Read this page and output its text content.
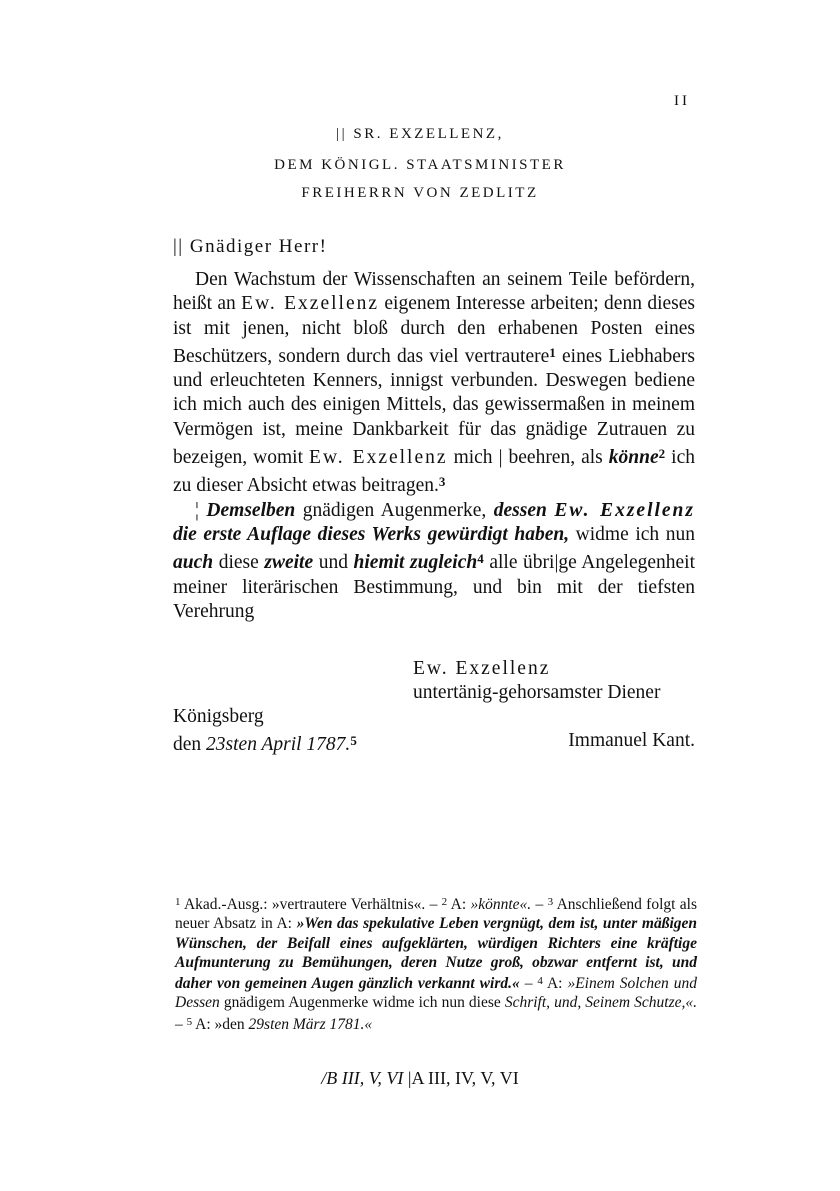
II
|| SR. EXZELLENZ,
DEM KÖNIGL. STAATSMINISTER
FREIHERRN VON ZEDLITZ
|| Gnädiger Herr!

Den Wachstum der Wissenschaften an seinem Teile befördern, heißt an Ew. Exzellenz eigenem Interesse arbeiten; denn dieses ist mit jenen, nicht bloß durch den erhabenen Posten eines Beschützers, sondern durch das viel vertrautere$^1$ eines Liebhabers und erleuchteten Kenners, innigst verbunden. Deswegen bediene ich mich auch des einigen Mittels, das gewissermaßen in meinem Vermögen ist, meine Dankbarkeit für das gnädige Zutrauen zu bezeigen, womit Ew. Exzellenz mich | beehren, als könne$^2$ ich zu dieser Absicht etwas beitragen.$^3$

¦ Demselben gnädigen Augenmerke, dessen Ew. Exzellenz die erste Auflage dieses Werks gewürdigt haben, widme ich nun auch diese zweite und hiemit zugleich$^4$ alle übri|ge Angelegenheit meiner literärischen Bestimmung, und bin mit der tiefsten Verehrung

Ew. Exzellenz
untertänig-gehorsamster Diener
Königsberg
den 23sten April 1787.$^5$	Immanuel Kant.
$^1$ Akad.-Ausg.: »vertrautere Verhältnis«. – $^2$ A: »könnte«. – $^3$ Anschließend folgt als neuer Absatz in A: »Wen das spekulative Leben vergnügt, dem ist, unter mäßigen Wünschen, der Beifall eines aufgeklärten, würdigen Richters eine kräftige Aufmunterung zu Bemühungen, deren Nutze groß, obzwar entfernt ist, und daher von gemeinen Augen gänzlich verkannt wird.« – $^4$ A: »Einem Solchen und Dessen gnädigem Augenmerke widme ich nun diese Schrift, und, Seinem Schutze,«. – $^5$ A: »den 29sten März 1781.«
/B III, V, VI |A III, IV, V, VI
